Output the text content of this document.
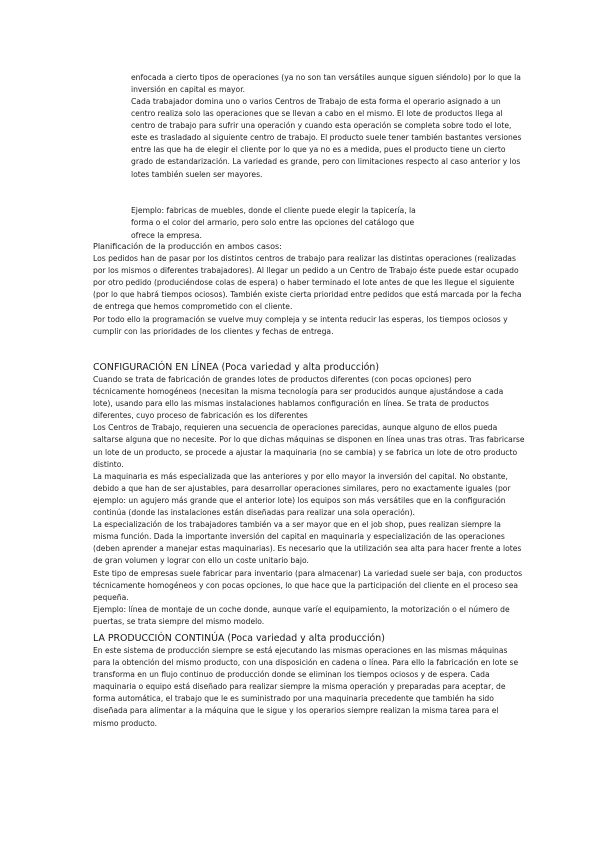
enfocada a cierto tipos de operaciones (ya no son tan versátiles aunque siguen siéndolo) por lo que la inversión en capital es mayor.

Cada trabajador domina uno o varios Centros de Trabajo de esta forma el operario asignado a un centro realiza solo las operaciones que se llevan a cabo en el mismo. El lote de productos llega al centro de trabajo para sufrir una operación y cuando esta operación se completa sobre todo el lote, este es trasladado al siguiente centro de trabajo. El producto suele tener también bastantes versiones entre las que ha de elegir el cliente por lo que ya no es a medida, pues el producto tiene un cierto grado de estandarización. La variedad es grande, pero con limitaciones respecto al caso anterior y los lotes también suelen ser mayores.

Ejemplo: fabricas de muebles, donde el cliente puede elegir la tapicería, la

forma o el color del armario, pero solo entre las opciones del catálogo que

ofrece la empresa.

Planificación de la producción en ambos casos:

Los pedidos han de pasar por los distintos centros de trabajo para realizar las distintas operaciones (realizadas por los mismos o diferentes trabajadores). Al llegar un pedido a un Centro de Trabajo éste puede estar ocupado por otro pedido (produciéndose colas de espera) o haber terminado el lote antes de que les llegue el siguiente (por lo que habrá tiempos ociosos). También existe cierta prioridad entre pedidos que está marcada por la fecha de entrega que hemos comprometido con el cliente.

Por todo ello la programación se vuelve muy compleja y se intenta reducir las esperas, los tiempos ociosos y cumplir con las prioridades de los clientes y fechas de entrega.

CONFIGURACIÓN EN LÍNEA (Poca variedad y alta producción)

Cuando se trata de fabricación de grandes lotes de productos diferentes (con pocas opciones) pero técnicamente homogéneos (necesitan la misma tecnología para ser producidos aunque ajustándose a cada lote), usando para ello las mismas instalaciones hablamos configuración en línea. Se trata de productos diferentes, cuyo proceso de fabricación es los diferentes

Los Centros de Trabajo, requieren una secuencia de operaciones parecidas, aunque alguno de ellos pueda saltarse alguna que no necesite. Por lo que dichas máquinas se disponen en línea unas tras otras. Tras fabricarse un lote de un producto, se procede a ajustar la maquinaria (no se cambia) y se fabrica un lote de otro producto distinto.

La maquinaria es más especializada que las anteriores y por ello mayor la inversión del capital. No obstante, debido a que han de ser ajustables, para desarrollar operaciones similares, pero no exactamente iguales (por ejemplo: un agujero más grande que el anterior lote) los equipos son más versátiles que en la configuración continúa (donde las instalaciones están diseñadas para realizar una sola operación).

La especialización de los trabajadores también va a ser mayor que en el job shop, pues realizan siempre la misma función. Dada la importante inversión del capital en maquinaria y especialización de las operaciones (deben aprender a manejar estas maquinarias). Es necesario que la utilización sea alta para hacer frente a lotes de gran volumen y lograr con ello un coste unitario bajo.

Este tipo de empresas suele fabricar para inventario (para almacenar) La variedad suele ser baja, con productos técnicamente homogéneos y con pocas opciones, lo que hace que la participación del cliente en el proceso sea pequeña.

Ejemplo: línea de montaje de un coche donde, aunque varíe el equipamiento, la motorización o el número de puertas, se trata siempre del mismo modelo.

LA PRODUCCIÓN CONTINÚA (Poca variedad y alta producción)

En este sistema de producción siempre se está ejecutando las mismas operaciones en las mismas máquinas para la obtención del mismo producto, con una disposición en cadena o línea. Para ello la fabricación en lote se transforma en un flujo continuo de producción donde se eliminan los tiempos ociosos y de espera. Cada maquinaria o equipo está diseñado para realizar siempre la misma operación y preparadas para aceptar, de forma automática, el trabajo que le es suministrado por una maquinaria precedente que también ha sido diseñada para alimentar a la máquina que le sigue y los operarios siempre realizan la misma tarea para el mismo producto.
